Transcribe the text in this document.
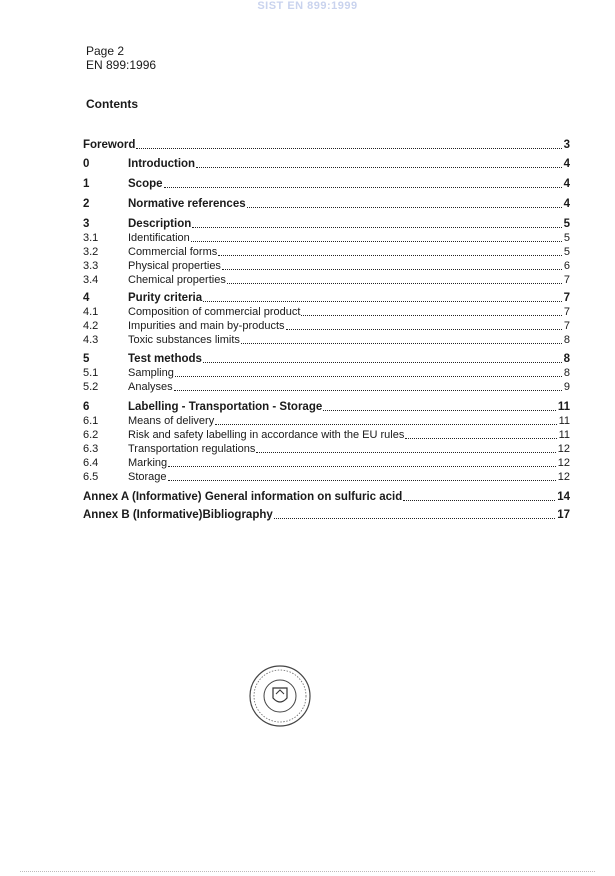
SIST EN 899:1999
Page 2
EN 899:1996
Contents
Foreword	3
0	Introduction	4
1	Scope	4
2	Normative references	4
3	Description	5
3.1	Identification	5
3.2	Commercial forms	5
3.3	Physical properties	6
3.4	Chemical properties	7
4	Purity criteria	7
4.1	Composition of commercial product	7
4.2	Impurities and main by-products	7
4.3	Toxic substances limits	8
5	Test methods	8
5.1	Sampling	8
5.2	Analyses	9
6	Labelling - Transportation - Storage	11
6.1	Means of delivery	11
6.2	Risk and safety labelling in accordance with the EU rules	11
6.3	Transportation regulations	12
6.4	Marking	12
6.5	Storage	12
Annex A (Informative) General information on sulfuric acid	14
Annex B (Informative)Bibliography	17
